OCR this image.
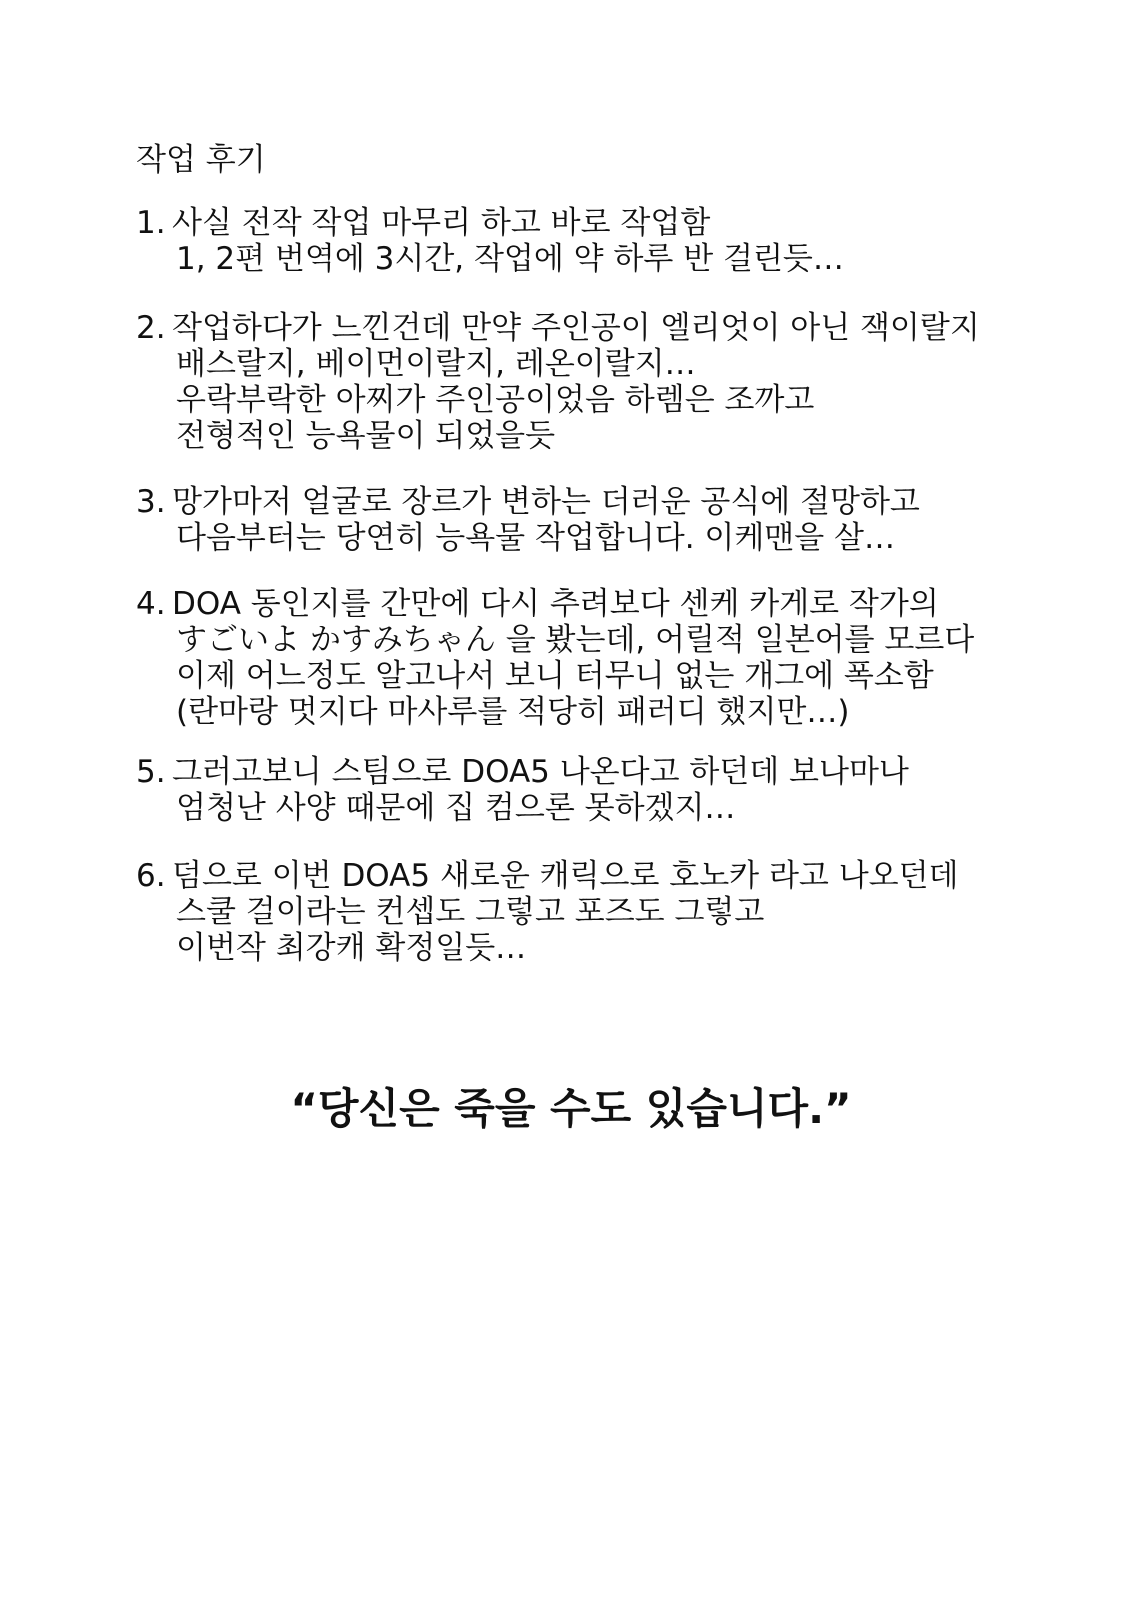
작업 후기
1. 사실 전작 작업 마무리 하고 바로 작업함
1, 2편 번역에 3시간, 작업에 약 하루 반 걸린듯…
2. 작업하다가 느낀건데 만약 주인공이 엘리엇이 아닌 잭이랄지
배스랄지, 베이먼이랄지, 레온이랄지…
우락부락한 아찌가 주인공이었음 하렘은 조까고
전형적인 능욕물이 되었을듯
3. 망가마저 얼굴로 장르가 변하는 더러운 공식에 절망하고
다음부터는 당연히 능욕물 작업합니다. 이케맨을 살…
4. DOA 동인지를 간만에 다시 추려보다 센케 카게로 작가의
すごいよ かすみちゃん 을 봤는데, 어릴적 일본어를 모르다
이제 어느정도 알고나서 보니 터무니 없는 개그에 폭소함
(란마랑 멋지다 마사루를 적당히 패러디 했지만…)
5. 그러고보니 스팀으로 DOA5 나온다고 하던데 보나마나
엄청난 사양 때문에 집 컴으론 못하겠지…
6. 덤으로 이번 DOA5 새로운 캐릭으로 호노카 라고 나오던데
스쿨 걸이라는 컨셉도 그렇고 포즈도 그렇고
이번작 최강캐 확정일듯…
“당신은 죽을 수도 있습니다.”
